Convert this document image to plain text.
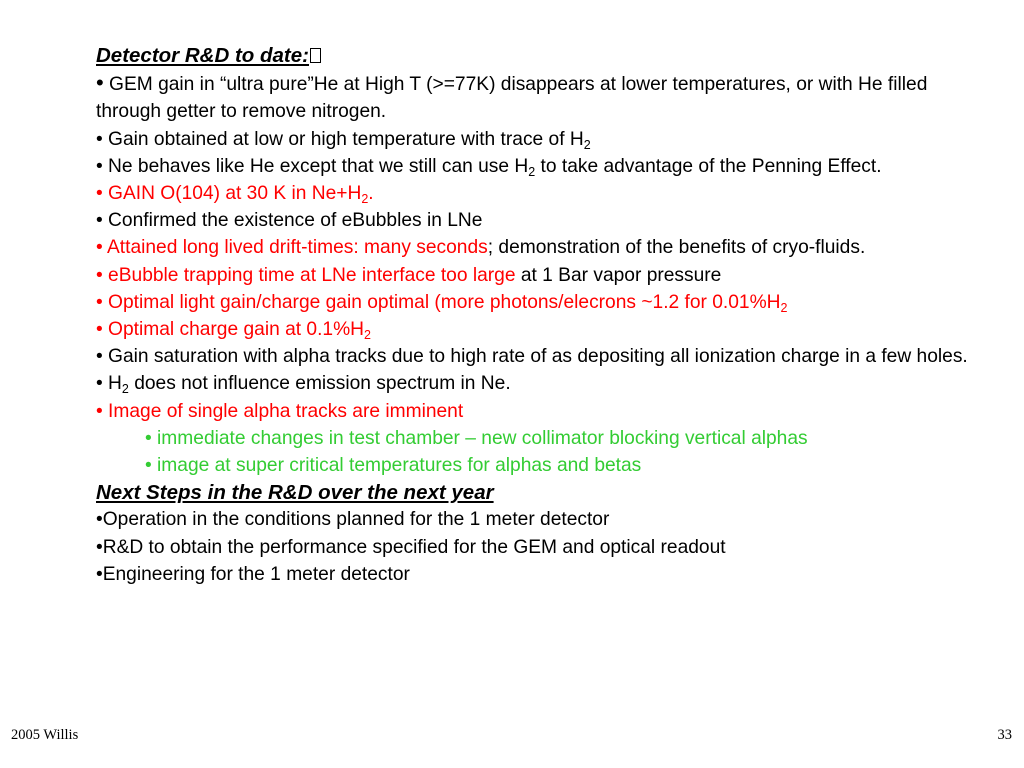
Detector R&D to date:
• GEM gain in “ultra pure”He at High T (>=77K) disappears at lower temperatures, or with He filled through getter to remove nitrogen.
• Gain obtained at low or high temperature with trace of $H_2$
• Ne behaves like He except that we still can use $H_2$ to take advantage of the Penning Effect.
• GAIN O(104) at 30 K in $Ne+H_2$.
• Confirmed the existence of eBubbles in LNe
• Attained long lived drift-times: many seconds; demonstration of the benefits of cryo-fluids.
• eBubble trapping time at LNe interface too large at 1 Bar vapor pressure
• Optimal light gain/charge gain optimal (more photons/elecrons ~1.2 for $0.01\%H_2$
• Optimal charge gain at $0.1\%H_2$
• Gain saturation with alpha tracks due to high rate of as depositing all ionization charge in a few holes.
• $H_2$ does not influence emission spectrum in Ne.
• Image of single alpha tracks are imminent
• immediate changes in test chamber – new collimator blocking vertical alphas
• image at super critical temperatures for alphas and betas
Next Steps in the R&D over the next year
•Operation in the conditions planned for the 1 meter detector
•R&D to obtain the performance specified for the GEM and optical readout
•Engineering for the 1 meter detector
2005 Willis	33
